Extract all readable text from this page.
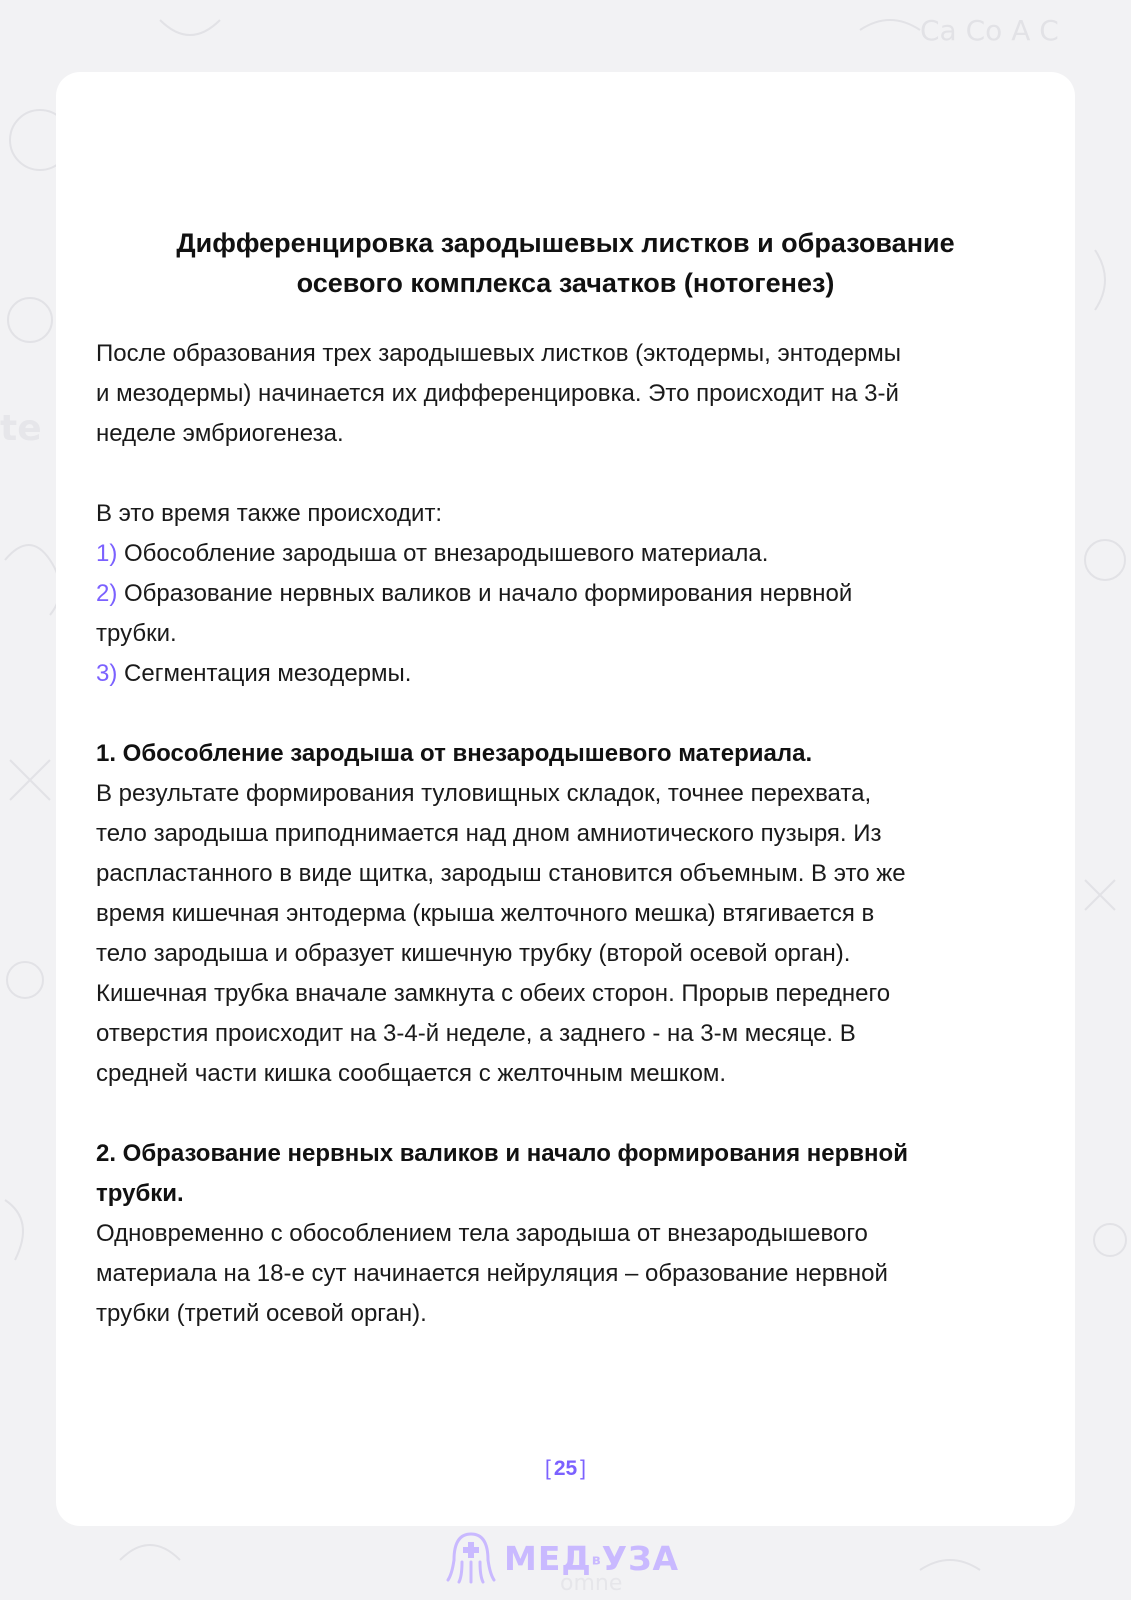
Ca Co A C
te
omne
Дифференцировка зародышевых листков и образование
осевого комплекса зачатков (нотогенез)
После образования трех зародышевых листков (эктодермы, энтодермы
и мезодермы) начинается их дифференцировка. Это происходит на 3-й
неделе эмбриогенеза.
В это время также происходит:
1) Обособление зародыша от внезародышевого материала.
2) Образование нервных валиков и начало формирования нервной
трубки.
3) Сегментация мезодермы.
1. Обособление зародыша от внезародышевого материала.
В результате формирования туловищных складок, точнее перехвата,
тело зародыша приподнимается над дном амниотического пузыря. Из
распластанного в виде щитка, зародыш становится объемным. В это же
время кишечная энтодерма (крыша желточного мешка) втягивается в
тело зародыша и образует кишечную трубку (второй осевой орган).
Кишечная трубка вначале замкнута с обеих сторон. Прорыв переднего
отверстия происходит на 3-4-й неделе, а заднего - на 3-м месяце. В
средней части кишка сообщается с желточным мешком.
2. Образование нервных валиков и начало формирования нервной
трубки.
Одновременно с обособлением тела зародыша от внезародышевого
материала на 18-е сут начинается нейруляция – образование нервной
трубки (третий осевой орган).
[ 25 ]
МЕДвУЗА
